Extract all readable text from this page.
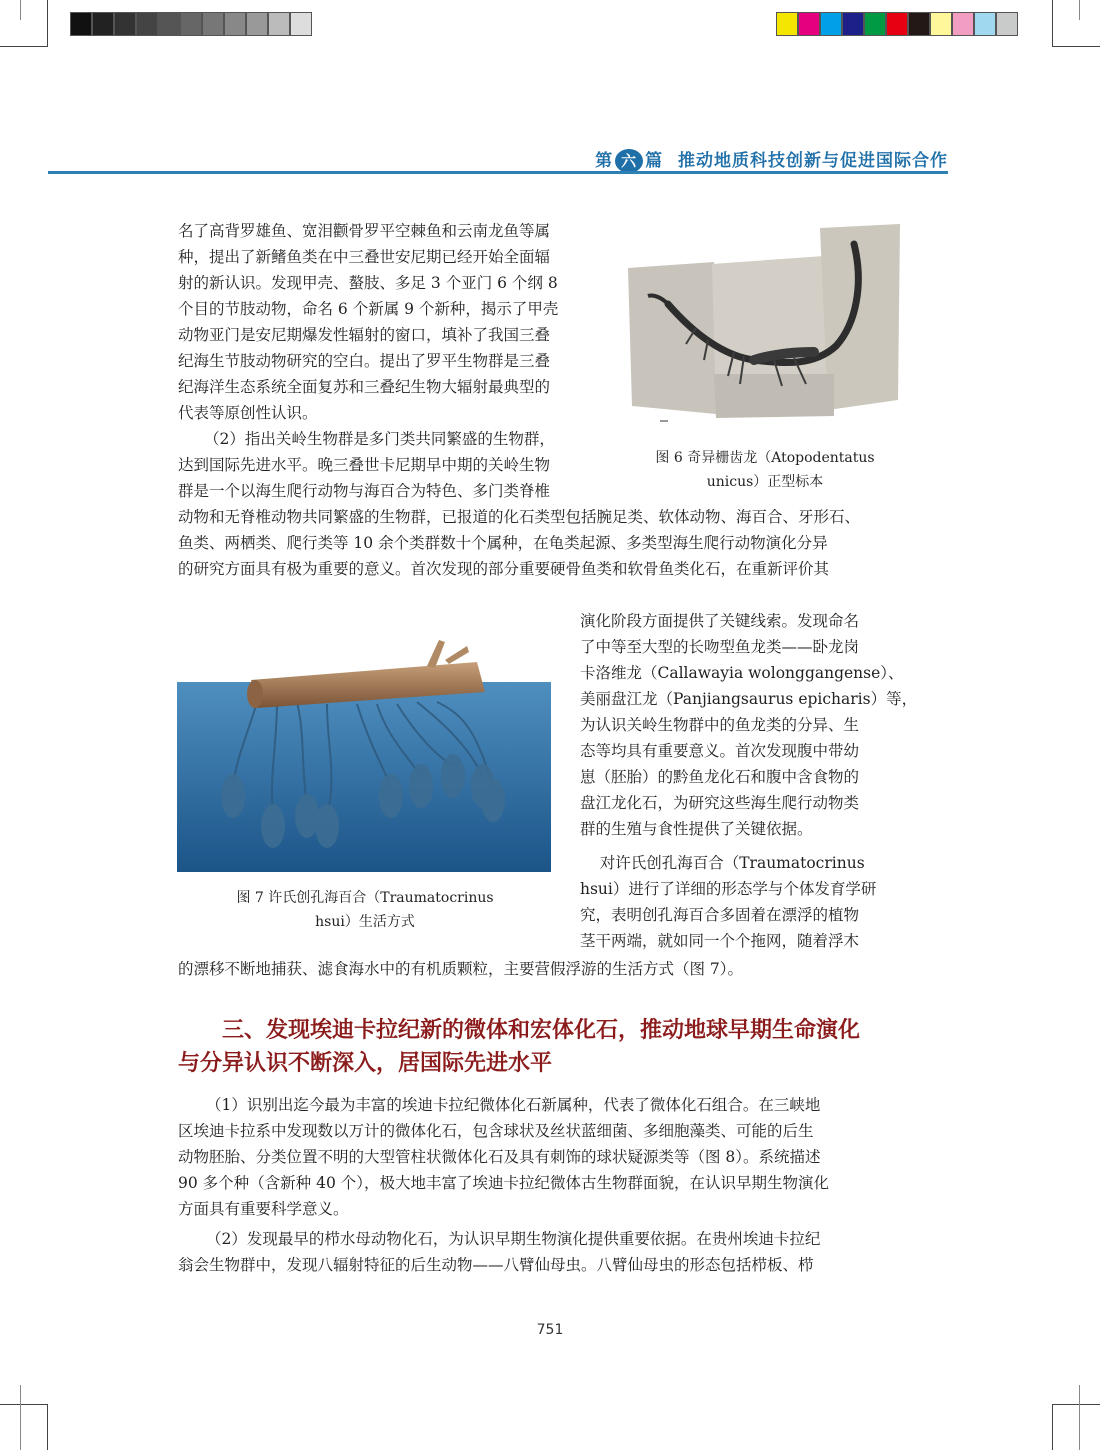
第 六 篇 推动地质科技创新与促进国际合作
名了高背罗雄鱼、宽泪颧骨罗平空棘鱼和云南龙鱼等属
种，提出了新鳍鱼类在中三叠世安尼期已经开始全面辐
射的新认识。发现甲壳、螯肢、多足 3 个亚门 6 个纲 8
个目的节肢动物，命名 6 个新属 9 个新种，揭示了甲壳
动物亚门是安尼期爆发性辐射的窗口，填补了我国三叠
纪海生节肢动物研究的空白。提出了罗平生物群是三叠
纪海洋生态系统全面复苏和三叠纪生物大辐射最典型的
代表等原创性认识。
（2）指出关岭生物群是多门类共同繁盛的生物群，
达到国际先进水平。晚三叠世卡尼期早中期的关岭生物
群是一个以海生爬行动物与海百合为特色、多门类脊椎
图 6 奇异栅齿龙（Atopodentatus
unicus）正型标本
动物和无脊椎动物共同繁盛的生物群，已报道的化石类型包括腕足类、软体动物、海百合、牙形石、
鱼类、两栖类、爬行类等 10 余个类群数十个属种，在龟类起源、多类型海生爬行动物演化分异
的研究方面具有极为重要的意义。首次发现的部分重要硬骨鱼类和软骨鱼类化石，在重新评价其
图 7 许氏创孔海百合（Traumatocrinus
hsui）生活方式
演化阶段方面提供了关键线索。发现命名
了中等至大型的长吻型鱼龙类——卧龙岗
卡洛维龙（Callawayia wolonggangense）、
美丽盘江龙（Panjiangsaurus epicharis）等，
为认识关岭生物群中的鱼龙类的分异、生
态等均具有重要意义。首次发现腹中带幼
崽（胚胎）的黔鱼龙化石和腹中含食物的
盘江龙化石，为研究这些海生爬行动物类
群的生殖与食性提供了关键依据。
对许氏创孔海百合（Traumatocrinus
hsui）进行了详细的形态学与个体发育学研
究，表明创孔海百合多固着在漂浮的植物
茎干两端，就如同一个个拖网，随着浮木
的漂移不断地捕获、滤食海水中的有机质颗粒，主要营假浮游的生活方式（图 7）。
三、发现埃迪卡拉纪新的微体和宏体化石，推动地球早期生命演化
与分异认识不断深入，居国际先进水平
（1）识别出迄今最为丰富的埃迪卡拉纪微体化石新属种，代表了微体化石组合。在三峡地
区埃迪卡拉系中发现数以万计的微体化石，包含球状及丝状蓝细菌、多细胞藻类、可能的后生
动物胚胎、分类位置不明的大型管柱状微体化石及具有刺饰的球状疑源类等（图 8）。系统描述
90 多个种（含新种 40 个），极大地丰富了埃迪卡拉纪微体古生物群面貌，在认识早期生物演化
方面具有重要科学意义。
（2）发现最早的栉水母动物化石，为认识早期生物演化提供重要依据。在贵州埃迪卡拉纪
翁会生物群中，发现八辐射特征的后生动物——八臂仙母虫。八臂仙母虫的形态包括栉板、栉
751
